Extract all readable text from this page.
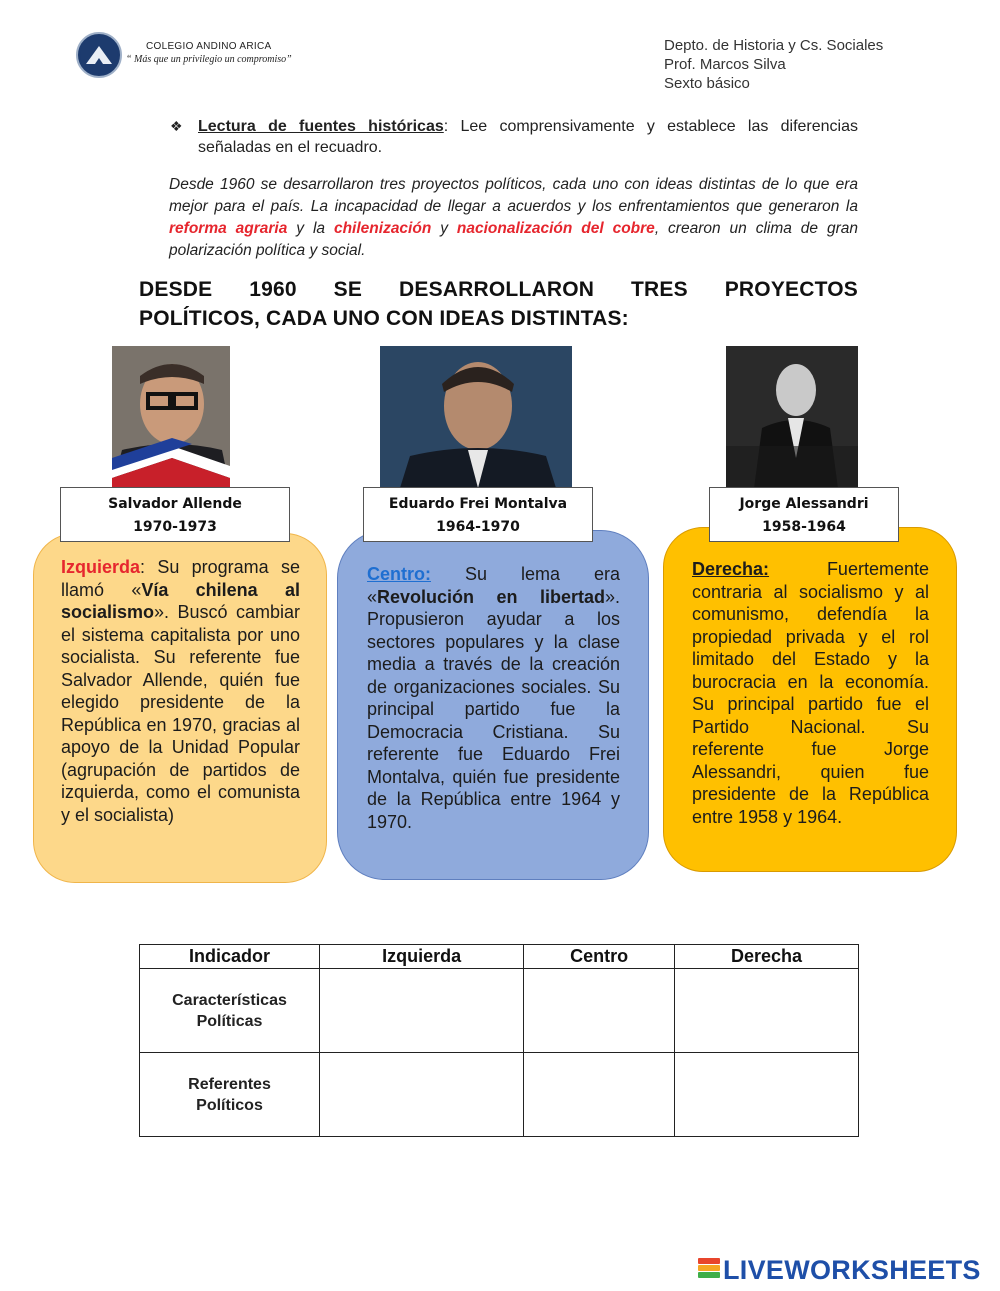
COLEGIO ANDINO ARICA
“ Más que un privilegio un compromiso”
Depto. de Historia y Cs. Sociales
Prof. Marcos Silva
Sexto básico
❖ Lectura de fuentes históricas: Lee comprensivamente y establece las diferencias señaladas en el recuadro.
Desde 1960 se desarrollaron tres proyectos políticos, cada uno con ideas distintas de lo que era mejor para el país. La incapacidad de llegar a acuerdos y los enfrentamientos que generaron la reforma agraria y la chilenización y nacionalización del cobre, crearon un clima de gran polarización política y social.
DESDE 1960 SE DESARROLLARON TRES PROYECTOS
POLÍTICOS, CADA UNO CON IDEAS DISTINTAS:
Izquierda: Su programa se llamó «Vía chilena al socialismo». Buscó cambiar el sistema capitalista por uno socialista. Su referente fue Salvador Allende, quién fue elegido presidente de la República en 1970, gracias al apoyo de la Unidad Popular (agrupación de partidos de izquierda, como el comunista y el socialista)
Centro: Su lema era «Revolución en libertad». Propusieron ayudar a los sectores populares y la clase media a través de la creación de organizaciones sociales. Su principal partido fue la Democracia Cristiana. Su referente fue Eduardo Frei Montalva, quién fue presidente de la República entre 1964 y 1970.
Derecha: Fuertemente contraria al socialismo y al comunismo, defendía la propiedad privada y el rol limitado del Estado y la burocracia en la economía. Su principal partido fue el Partido Nacional. Su referente fue Jorge Alessandri, quien fue presidente de la República entre 1958 y 1964.
Salvador Allende
1970-1973
Eduardo Frei Montalva
1964-1970
Jorge Alessandri
1958-1964
Indicador	Izquierda	Centro	Derecha

Características
Políticas			

Referentes
Políticos			

LIVEWORKSHEETS
